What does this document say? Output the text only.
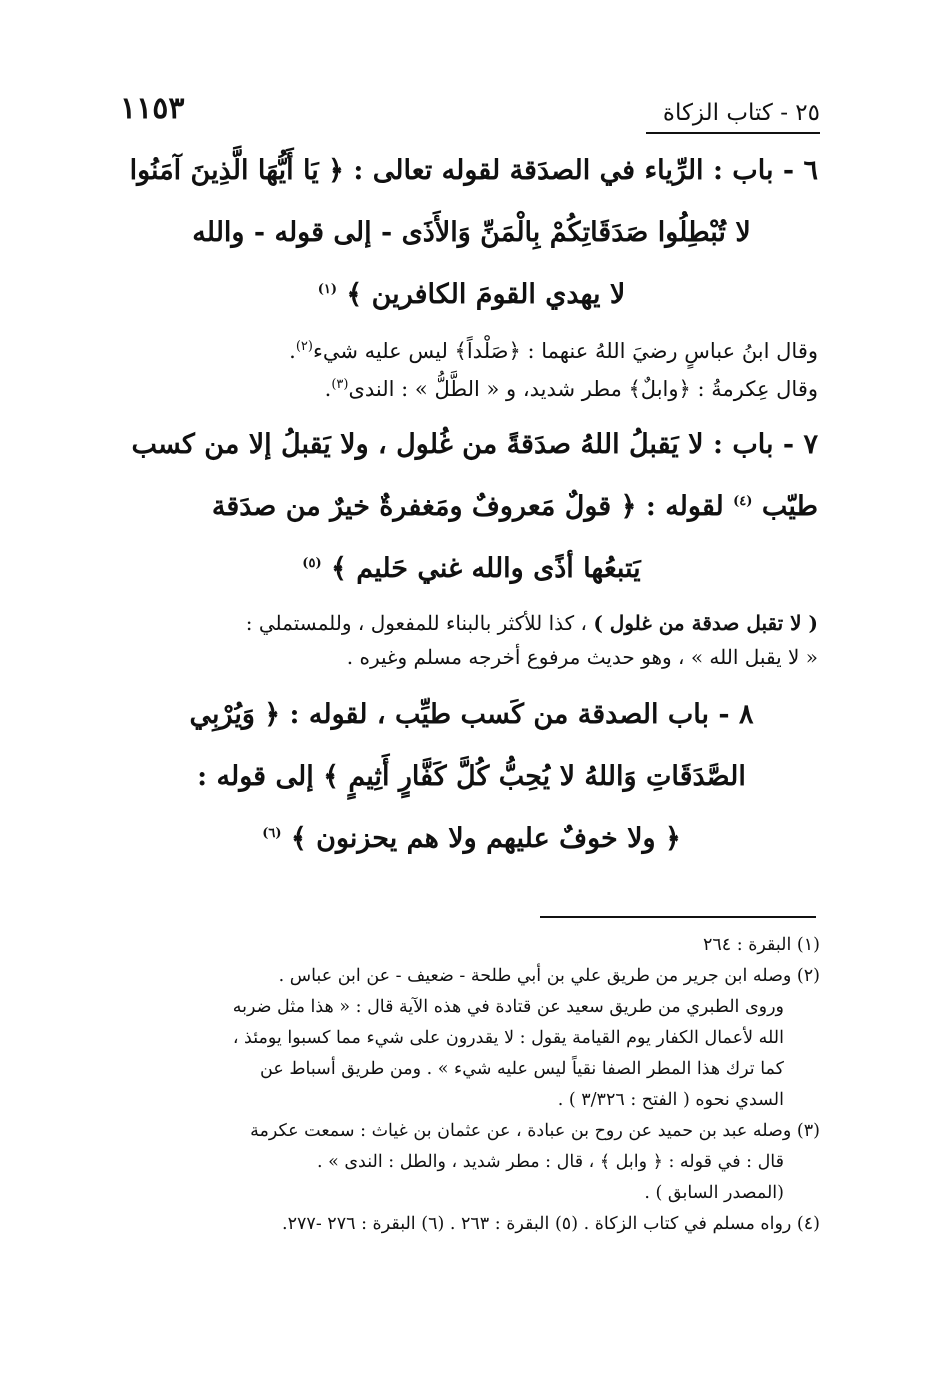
١١٥٣	٢٥ - كتاب الزكاة
٦ - باب : الرِّياء في الصدَقة لقوله تعالى : ﴿ يَا أَيُّهَا الَّذِينَ آمَنُوا
لا تُبْطِلُوا صَدَقَاتِكُمْ بِالْمَنِّ وَالأَذَى - إلى قوله - والله
لا يهدي القومَ الكافرين ﴾ $^{(١)}$
وقال ابنُ عباسٍ رضيَ اللهُ عنهما : ﴿صَلْداً﴾ ليس عليه شيء$^{(٢)}$.
وقال عِكرمةُ : ﴿وابلٌ﴾ مطر شديد، و « الطَّلُّ » : الندى$^{(٣)}$.
٧ - باب : لا يَقبلُ اللهُ صدَقةً من غُلول ، ولا يَقبلُ إلا من كسب
طيّب $^{(٤)}$ لقوله : ﴿ قولٌ مَعروفٌ ومَغفرةٌ خيرٌ من صدَقة
يَتبعُها أذًى والله غني حَليم ﴾ $^{(٥)}$
( لا تقبل صدقة من غلول ) ، كذا للأكثر بالبناء للمفعول ، وللمستملي :
« لا يقبل الله » ، وهو حديث مرفوع أخرجه مسلم وغيره .
٨ - باب الصدقة من كَسب طيِّب ، لقوله : ﴿ وَيُرْبِي
الصَّدَقَاتِ وَاللهُ لا يُحِبُّ كُلَّ كَفَّارٍ أَثِيمٍ ﴾ إلى قوله :
﴿ ولا خوفٌ عليهم ولا هم يحزنون ﴾ $^{(٦)}$
(١) البقرة : ٢٦٤
(٢) وصله ابن جرير من طريق علي بن أبي طلحة - ضعيف - عن ابن عباس .
وروى الطبري من طريق سعيد عن قتادة في هذه الآية قال : « هذا مثل ضربه
الله لأعمال الكفار يوم القيامة يقول : لا يقدرون على شيء مما كسبوا يومئذ ،
كما ترك هذا المطر الصفا نقياً ليس عليه شيء » . ومن طريق أسباط عن
السدي نحوه ( الفتح : ٣/٣٢٦ ) .
(٣) وصله عبد بن حميد عن روح بن عبادة ، عن عثمان بن غياث : سمعت عكرمة
قال : في قوله : ﴿ وابل ﴾ ، قال : مطر شديد ، والطل : الندى » .
(المصدر السابق ) .
(٤) رواه مسلم في كتاب الزكاة . (٥) البقرة : ٢٦٣ . (٦) البقرة : ٢٧٦ -٢٧٧.
